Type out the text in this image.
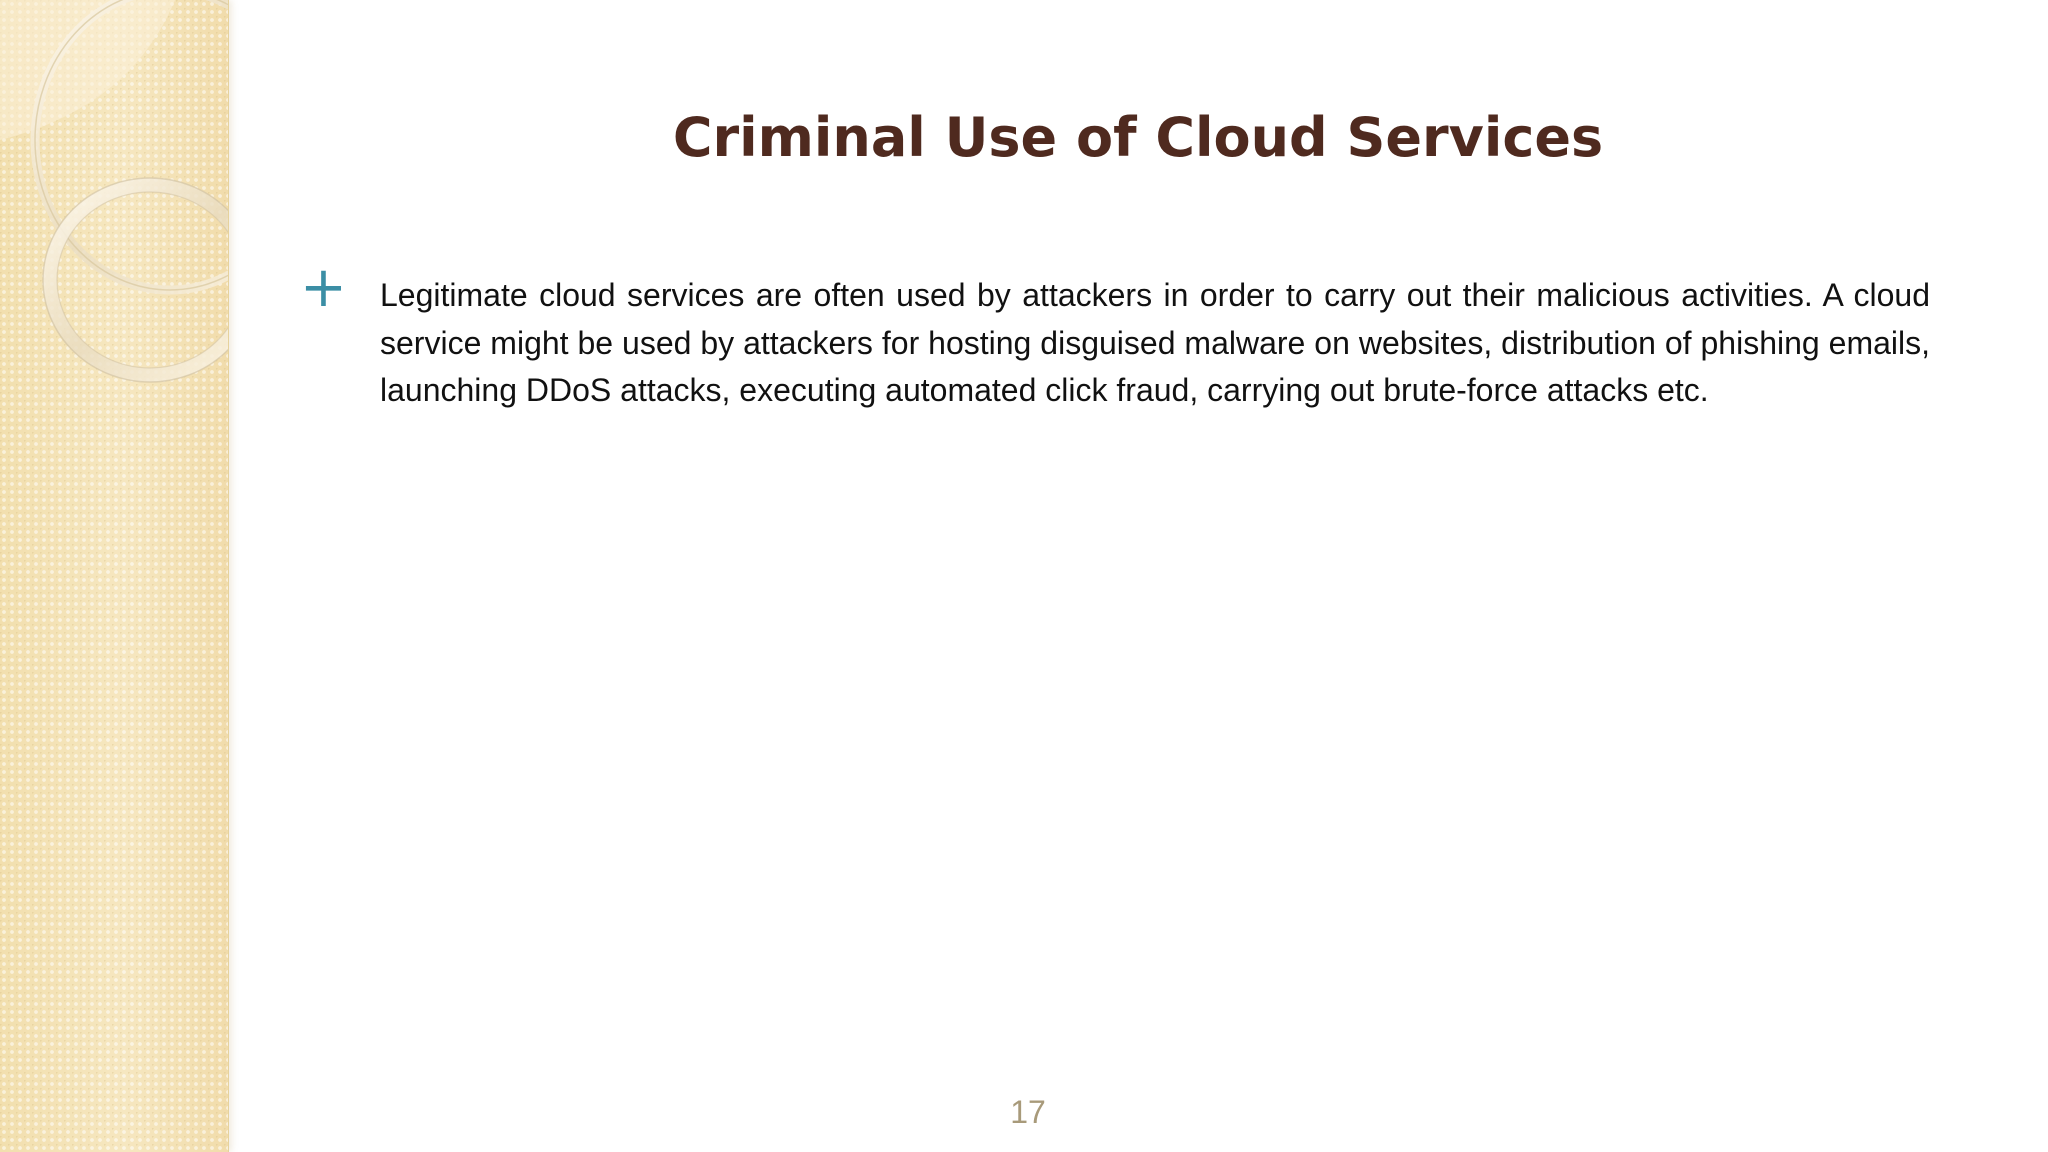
Criminal Use of Cloud Services
+ Legitimate cloud services are often used by attackers in order to carry out their malicious activities. A cloud service might be used by attackers for hosting disguised malware on websites, distribution of phishing emails, launching DDoS attacks, executing automated click fraud, carrying out brute-force attacks etc.
17
